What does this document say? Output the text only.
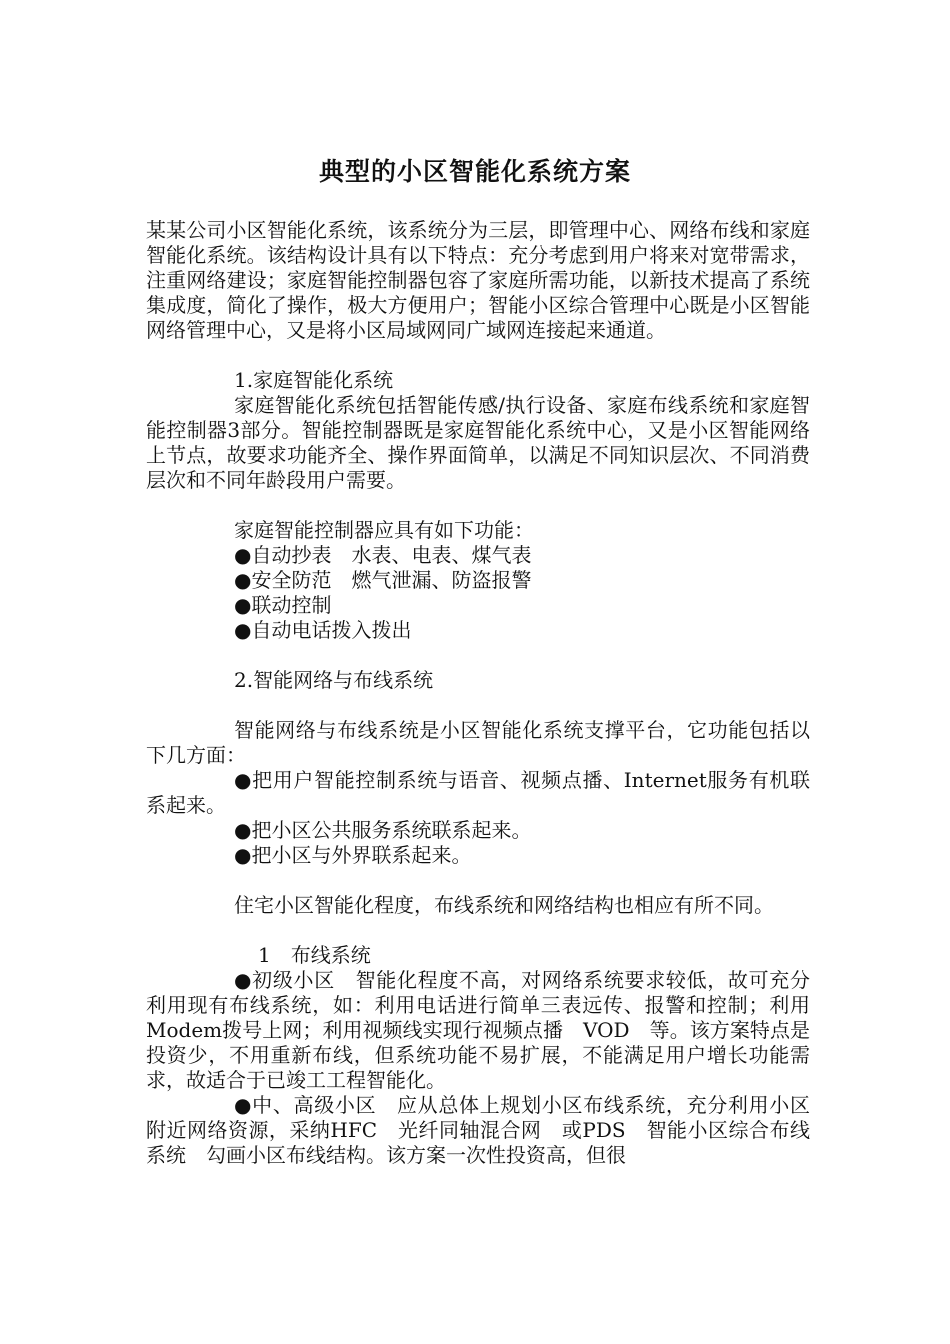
典型的小区智能化系统方案

某某公司小区智能化系统，该系统分为三层，即管理中心、网络布线和家庭智能化系统。该结构设计具有以下特点：充分考虑到用户将来对宽带需求，注重网络建设；家庭智能控制器包容了家庭所需功能，以新技术提高了系统集成度，简化了操作，极大方便用户；智能小区综合管理中心既是小区智能网络管理中心，又是将小区局域网同广域网连接起来通道。

1.家庭智能化系统

家庭智能化系统包括智能传感/执行设备、家庭布线系统和家庭智能控制器3部分。智能控制器既是家庭智能化系统中心，又是小区智能网络上节点，故要求功能齐全、操作界面简单，以满足不同知识层次、不同消费层次和不同年龄段用户需要。

家庭智能控制器应具有如下功能：

●自动抄表　水表、电表、煤气表

●安全防范　燃气泄漏、防盗报警

●联动控制

●自动电话拨入拨出

2.智能网络与布线系统

智能网络与布线系统是小区智能化系统支撑平台，它功能包括以下几方面：

●把用户智能控制系统与语音、视频点播、Internet服务有机联系起来。

●把小区公共服务系统联系起来。

●把小区与外界联系起来。

住宅小区智能化程度，布线系统和网络结构也相应有所不同。

1　布线系统

●初级小区　智能化程度不高，对网络系统要求较低，故可充分利用现有布线系统，如：利用电话进行简单三表远传、报警和控制；利用Modem拨号上网；利用视频线实现行视频点播　VOD　等。该方案特点是投资少，不用重新布线，但系统功能不易扩展，不能满足用户增长功能需求，故适合于已竣工工程智能化。

●中、高级小区　应从总体上规划小区布线系统，充分利用小区附近网络资源，采纳HFC　光纤同轴混合网　或PDS　智能小区综合布线系统　勾画小区布线结构。该方案一次性投资高，但很
